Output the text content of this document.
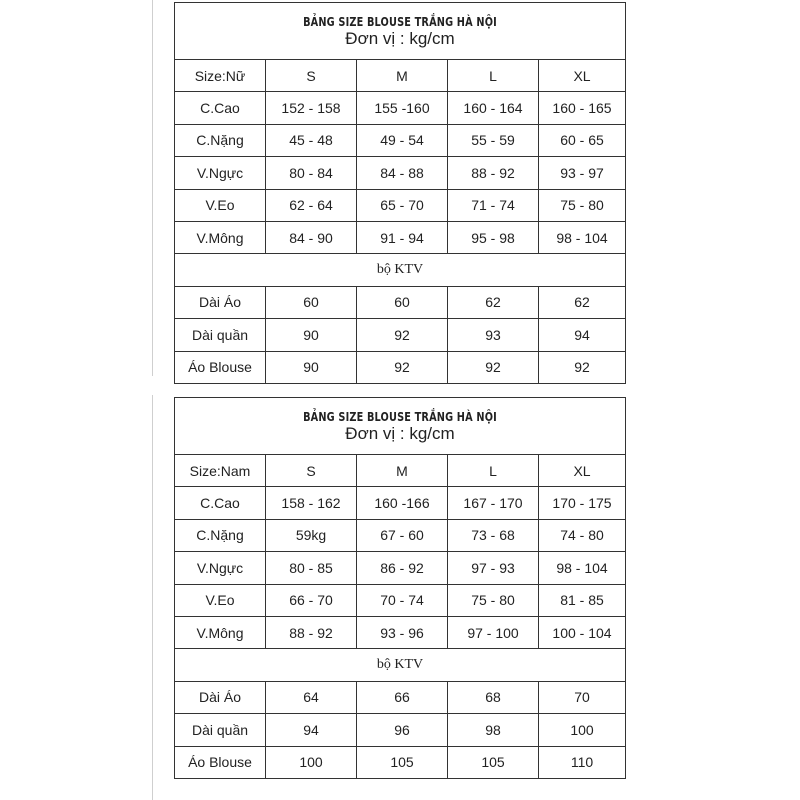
BẢNG SIZE BLOUSE TRẮNG HÀ NỘI
Đơn vị : kg/cm				

Size:Nữ	S	M	L	XL
C.Cao	152 - 158	155 -160	160 - 164	160 - 165
C.Nặng	45 - 48	49 - 54	55 - 59	60 - 65
V.Ngực	80 - 84	84 - 88	88 - 92	93 - 97
V.Eo	62 - 64	65 - 70	71 - 74	75 - 80
V.Mông	84 - 90	91 - 94	95 - 98	98 - 104
bộ KTV				
Dài Áo	60	60	62	62
Dài quần	90	92	93	94
Áo Blouse	90	92	92	92
BẢNG SIZE BLOUSE TRẮNG HÀ NỘI
Đơn vị : kg/cm				

Size:Nam	S	M	L	XL
C.Cao	158 - 162	160 -166	167 - 170	170 - 175
C.Nặng	59kg	67 - 60	73 - 68	74 - 80
V.Ngực	80 - 85	86 - 92	97 - 93	98 - 104
V.Eo	66 - 70	70 - 74	75 - 80	81 - 85
V.Mông	88 - 92	93 - 96	97 - 100	100 - 104
bộ KTV				
Dài Áo	64	66	68	70
Dài quần	94	96	98	100
Áo Blouse	100	105	105	110
